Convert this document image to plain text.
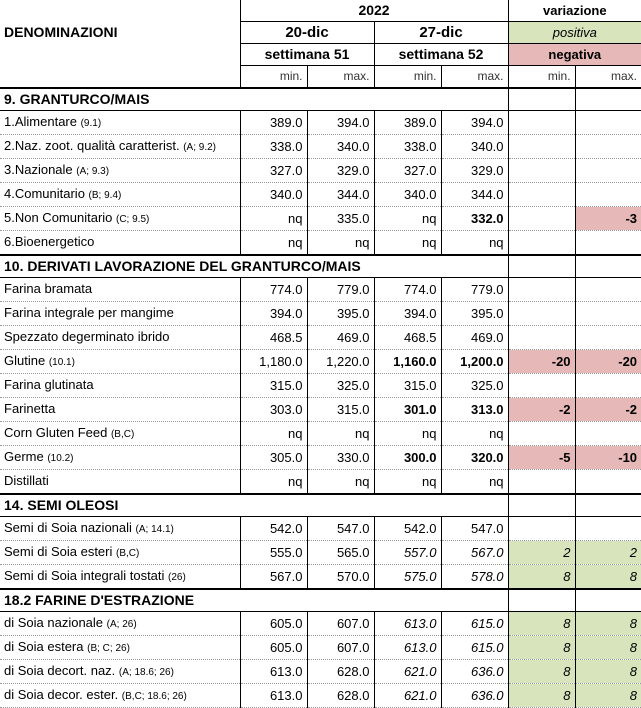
DENOMINAZIONI	2022				variazione	
	20-dic		27-dic		positiva	
	settimana 51		settimana 52		negativa	
	min.	max.	min.	max.	min.	max.
9. GRANTURCO/MAIS						
1.Alimentare (9.1)	389.0	394.0	389.0	394.0		
2.Naz. zoot. qualità caratterist. (A; 9.2)	338.0	340.0	338.0	340.0		
3.Nazionale (A; 9.3)	327.0	329.0	327.0	329.0		
4.Comunitario (B; 9.4)	340.0	344.0	340.0	344.0		
5.Non Comunitario (C; 9.5)	nq	335.0	nq	332.0		-3
6.Bioenergetico	nq	nq	nq	nq		
10. DERIVATI LAVORAZIONE DEL GRANTURCO/MAIS						
Farina bramata	774.0	779.0	774.0	779.0		
Farina integrale per mangime	394.0	395.0	394.0	395.0		
Spezzato degerminato ibrido	468.5	469.0	468.5	469.0		
Glutine (10.1)	1,180.0	1,220.0	1,160.0	1,200.0	-20	-20
Farina glutinata	315.0	325.0	315.0	325.0		
Farinetta	303.0	315.0	301.0	313.0	-2	-2
Corn Gluten Feed (B,C)	nq	nq	nq	nq		
Germe (10.2)	305.0	330.0	300.0	320.0	-5	-10
Distillati	nq	nq	nq	nq		
14. SEMI OLEOSI						
Semi di Soia nazionali (A; 14.1)	542.0	547.0	542.0	547.0		
Semi di Soia esteri (B,C)	555.0	565.0	557.0	567.0	2	2
Semi di Soia integrali tostati (26)	567.0	570.0	575.0	578.0	8	8
18.2 FARINE D'ESTRAZIONE						
di Soia nazionale (A; 26)	605.0	607.0	613.0	615.0	8	8
di Soia estera (B; C; 26)	605.0	607.0	613.0	615.0	8	8
di Soia decort. naz. (A; 18.6; 26)	613.0	628.0	621.0	636.0	8	8
di Soia decor. ester. (B,C; 18.6; 26)	613.0	628.0	621.0	636.0	8	8
